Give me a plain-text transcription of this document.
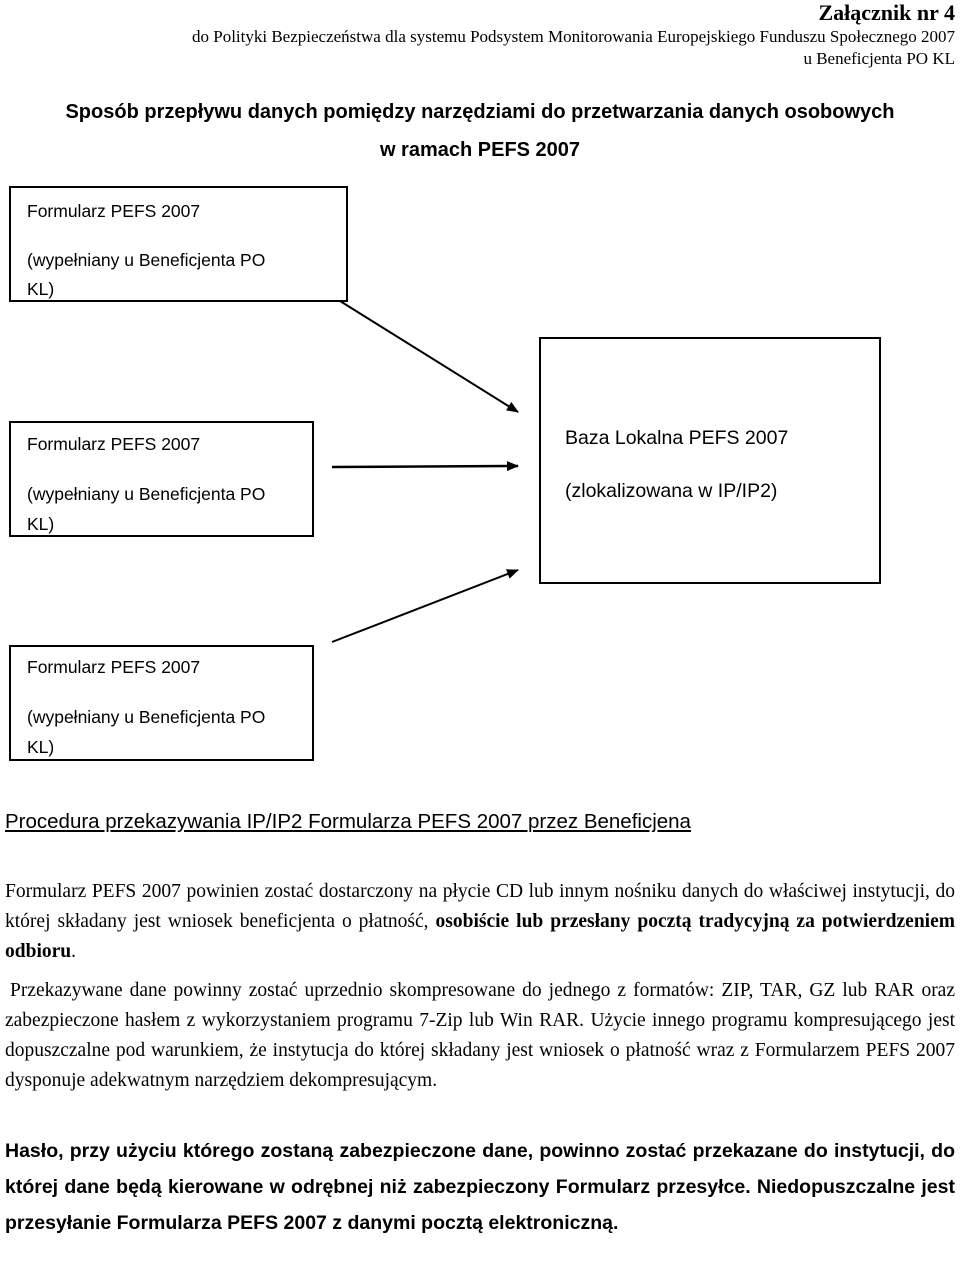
Załącznik nr 4
do Polityki Bezpieczeństwa dla systemu Podsystem Monitorowania Europejskiego Funduszu Społecznego 2007
u Beneficjenta PO KL
Sposób przepływu danych pomiędzy narzędziami do przetwarzania danych osobowych
w ramach PEFS 2007
Formularz PEFS 2007
(wypełniany u Beneficjenta PO
KL)
Formularz PEFS 2007
(wypełniany u Beneficjenta PO
KL)
Baza Lokalna PEFS 2007
(zlokalizowana w IP/IP2)
Formularz PEFS 2007
(wypełniany u Beneficjenta PO
KL)
Procedura przekazywania IP/IP2 Formularza PEFS 2007 przez Beneficjena
Formularz PEFS 2007 powinien zostać dostarczony na płycie CD lub innym nośniku danych do właściwej instytucji, do której składany jest wniosek beneficjenta o płatność, osobiście lub przesłany pocztą tradycyjną za potwierdzeniem odbioru.
Przekazywane dane powinny zostać uprzednio skompresowane do jednego z formatów: ZIP, TAR, GZ lub RAR oraz zabezpieczone hasłem z wykorzystaniem programu 7-Zip lub Win RAR. Użycie innego programu kompresującego jest dopuszczalne pod warunkiem, że instytucja do której składany jest wniosek o płatność wraz z Formularzem PEFS 2007 dysponuje adekwatnym narzędziem dekompresującym.
Hasło, przy użyciu którego zostaną zabezpieczone dane, powinno zostać przekazane do instytucji, do której dane będą kierowane w odrębnej niż zabezpieczony Formularz przesyłce. Niedopuszczalne jest przesyłanie Formularza PEFS 2007 z danymi pocztą elektroniczną.
